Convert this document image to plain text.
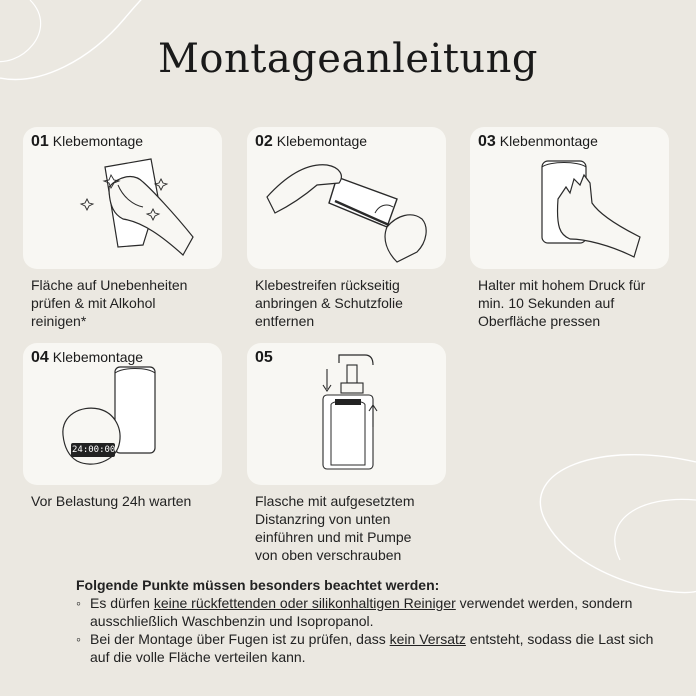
Montageanleitung
01 Klebemontage
Fläche auf Unebenheiten
prüfen & mit Alkohol
reinigen*
02 Klebemontage
Klebestreifen rückseitig
anbringen & Schutzfolie
entfernen
03 Klebenmontage
Halter mit hohem Druck für
min. 10 Sekunden auf
Oberfläche pressen
04 Klebemontage
24:00:00
Vor Belastung 24h warten
05
Flasche mit aufgesetztem
Distanzring von unten
einführen und mit Pumpe
von oben verschrauben
Folgende Punkte müssen besonders beachtet werden:
◦ Es dürfen keine rückfettenden oder silikonhaltigen Reiniger verwendet werden, sondern ausschließlich Waschbenzin und Isopropanol.
◦ Bei der Montage über Fugen ist zu prüfen, dass kein Versatz entsteht, sodass die Last sich auf die volle Fläche verteilen kann.
